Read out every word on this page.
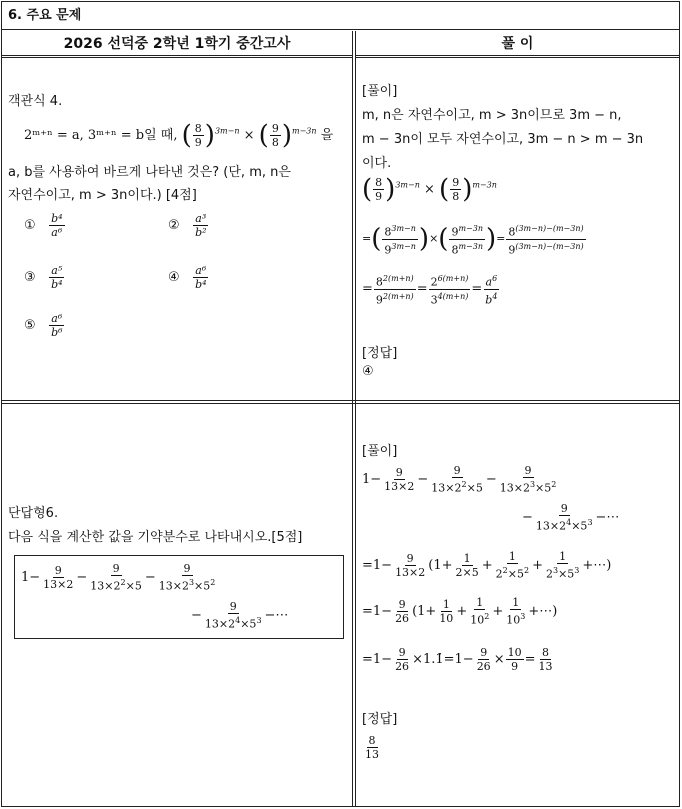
6. 주요 문제
2026 선덕중 2학년 1학기 중간고사	풀 이
객관식 4.
2ᵐ⁺ⁿ = a, 3ᵐ⁺ⁿ = b일 때, ( $\frac{8}{9} )^{3m-n}$ × ( $\frac{9}{8} )^{m-3n}$ 을
a, b를 사용하여 바르게 나타낸 것은? (단, m, n은
자연수이고, m > 3n이다.) [4점]
① $\frac{\text{b⁴}}{\text{a⁶}}$	② $\frac{\text{a³}}{\text{b²}}$
③ $\frac{\text{a⁵}}{\text{b⁴}}$	④ $\frac{\text{a⁶}}{\text{b⁴}}$
⑤ $\frac{\text{a⁶}}{\text{b⁶}}$
[풀이]
m, n은 자연수이고, m > 3n이므로 3m − n,
m − 3n이 모두 자연수이고, 3m − n > m − 3n
이다.
( $\frac{8}{9} )^{3m-n}$ × ( $\frac{9}{8} )^{m-3n}$
=( $\frac{8^{3m-n}}{9^{3m-n}}$ )×( $\frac{9^{m-3n}}{8^{m-3n}}$ )= $\frac{8^{(3m-n)-(m-3n)}}{9^{(3m-n)-(m-3n)}}$
= $\frac{8^{2(m+n)}}{9^{2(m+n)}} = \frac{2^{6(m+n)}}{3^{4(m+n)}} = \frac{a^6}{b^4}$
[정답]
④
단답형6.
다음 식을 계산한 값을 기약분수로 나타내시오.[5점]
$1- \frac{9}{13\times 2} - \frac{9}{13\times 2^2\times 5} - \frac{9}{13\times 2^3\times 5^2}$
− $\frac{9}{13\times 2^4\times 5^3}$ −⋯
[풀이]
$1- \frac{9}{13\times 2} - \frac{9}{13\times 2^2\times 5} - \frac{9}{13\times 2^3\times 5^2}$
− $\frac{9}{13\times 2^4\times 5^3}$ −⋯
$=1- \frac{9}{13\times 2} (1+ \frac{1}{2\times 5} + \frac{1}{2^2\times 5^2} + \frac{1}{2^3\times 5^3}$ +⋯)
$=1- \frac{9}{26} (1+ \frac{1}{10} + \frac{1}{10^2} + \frac{1}{10^3}$ +⋯)
$=1- \frac{9}{26}$ ×1.1̇=1− $\frac{9}{26} \times \frac{10}{9} = \frac{8}{13}$
[정답]
$\frac{8}{13}$
